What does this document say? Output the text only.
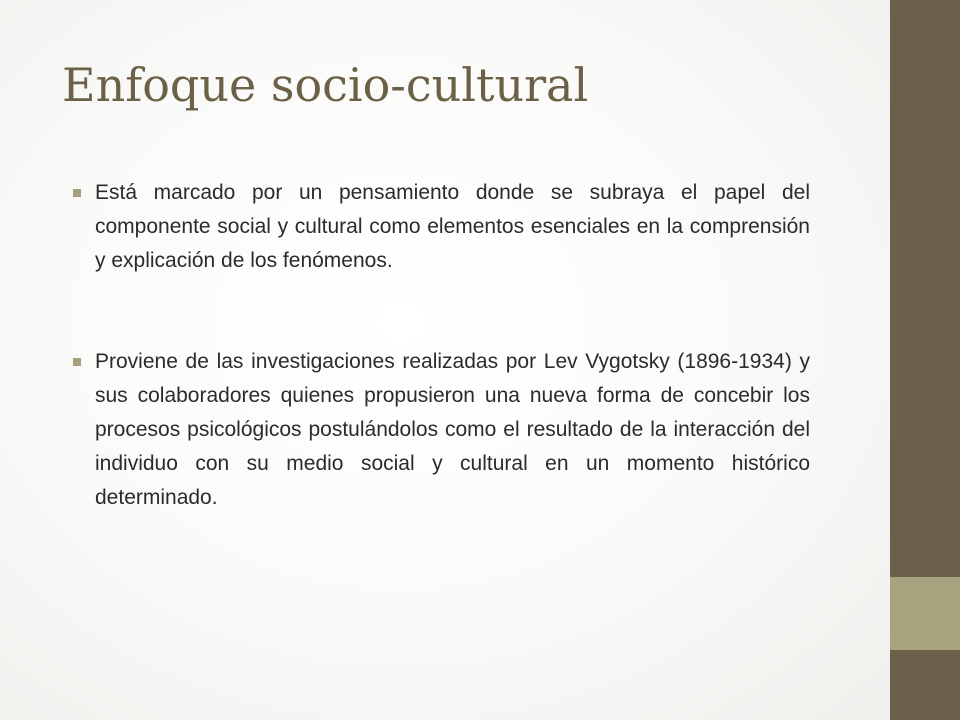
Enfoque socio-cultural
Está marcado por un pensamiento donde se subraya el papel del componente social y cultural como elementos esenciales en la comprensión y explicación de los fenómenos.
Proviene de las investigaciones realizadas por Lev Vygotsky (1896-1934) y sus colaboradores quienes propusieron una nueva forma de concebir los procesos psicológicos postulándolos como el resultado de la interacción del individuo con su medio social y cultural en un momento histórico determinado.
